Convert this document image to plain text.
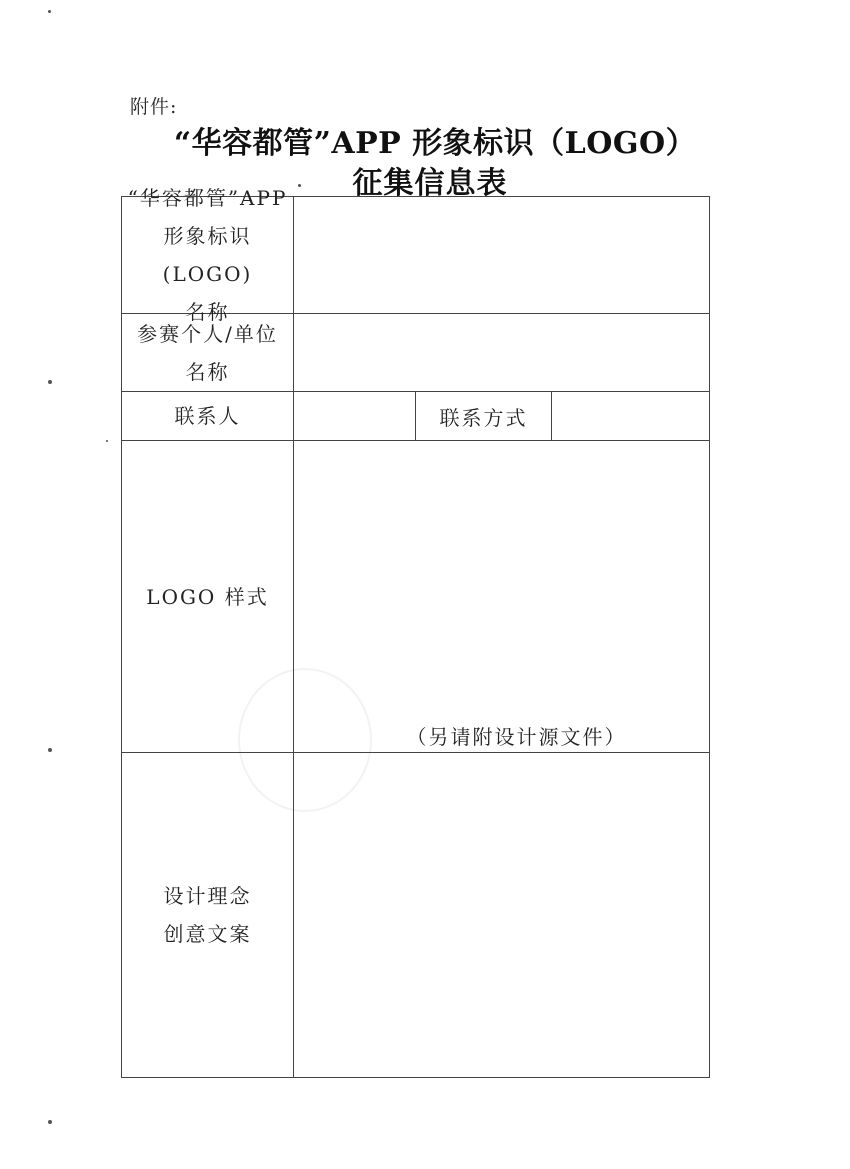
附件:
“华容都管”APP 形象标识（LOGO）
征集信息表
“华容都管”APP
形象标识(LOGO)
名称
参赛个人/单位
名称
联系人	联系方式
LOGO 样式
（另请附设计源文件）
设计理念
创意文案
